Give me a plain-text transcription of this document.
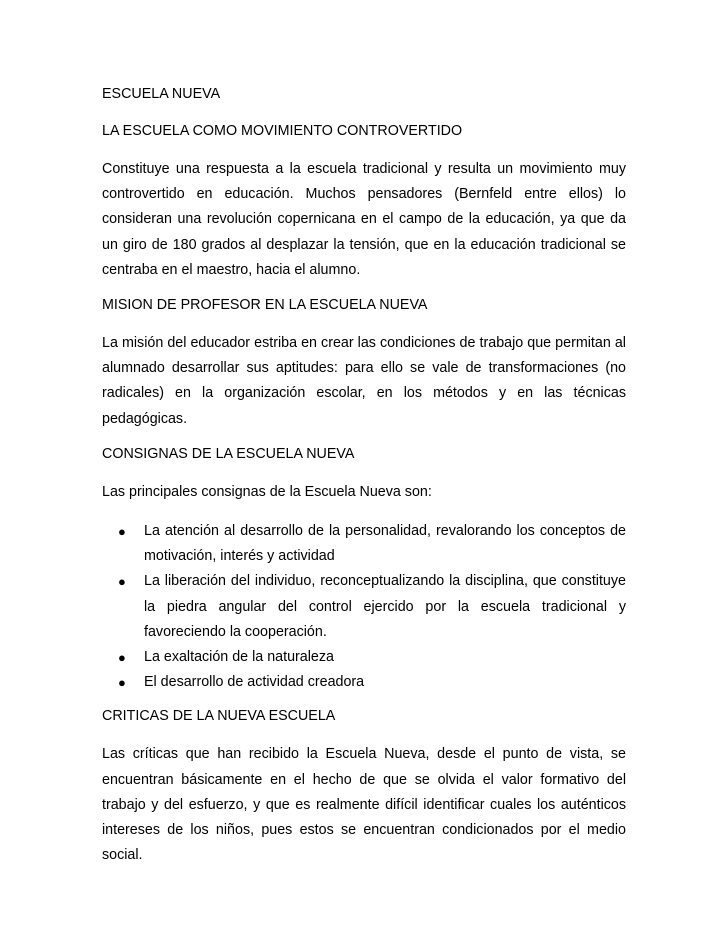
ESCUELA NUEVA
LA ESCUELA COMO MOVIMIENTO CONTROVERTIDO

Constituye una respuesta a la escuela tradicional y resulta un movimiento muy controvertido en educación. Muchos pensadores (Bernfeld entre ellos) lo consideran una revolución copernicana en el campo de la educación, ya que da un giro de 180 grados al desplazar la tensión, que en la educación tradicional se centraba en el maestro, hacia el alumno.

MISION DE PROFESOR EN LA ESCUELA NUEVA

La misión del educador estriba en crear las condiciones de trabajo que permitan al alumnado desarrollar sus aptitudes: para ello se vale de transformaciones (no radicales) en la organización escolar, en los métodos y en las técnicas pedagógicas.

CONSIGNAS DE LA ESCUELA NUEVA

Las principales consignas de la Escuela Nueva son:

● La atención al desarrollo de la personalidad, revalorando los conceptos de motivación, interés y actividad
● La liberación del individuo, reconceptualizando la disciplina, que constituye la piedra angular del control ejercido por la escuela tradicional y favoreciendo la cooperación.
● La exaltación de la naturaleza
● El desarrollo de actividad creadora
CRITICAS DE LA NUEVA ESCUELA

Las críticas que han recibido la Escuela Nueva, desde el punto de vista, se encuentran básicamente en el hecho de que se olvida el valor formativo del trabajo y del esfuerzo, y que es realmente difícil identificar cuales los auténticos intereses de los niños, pues estos se encuentran condicionados por el medio social.
